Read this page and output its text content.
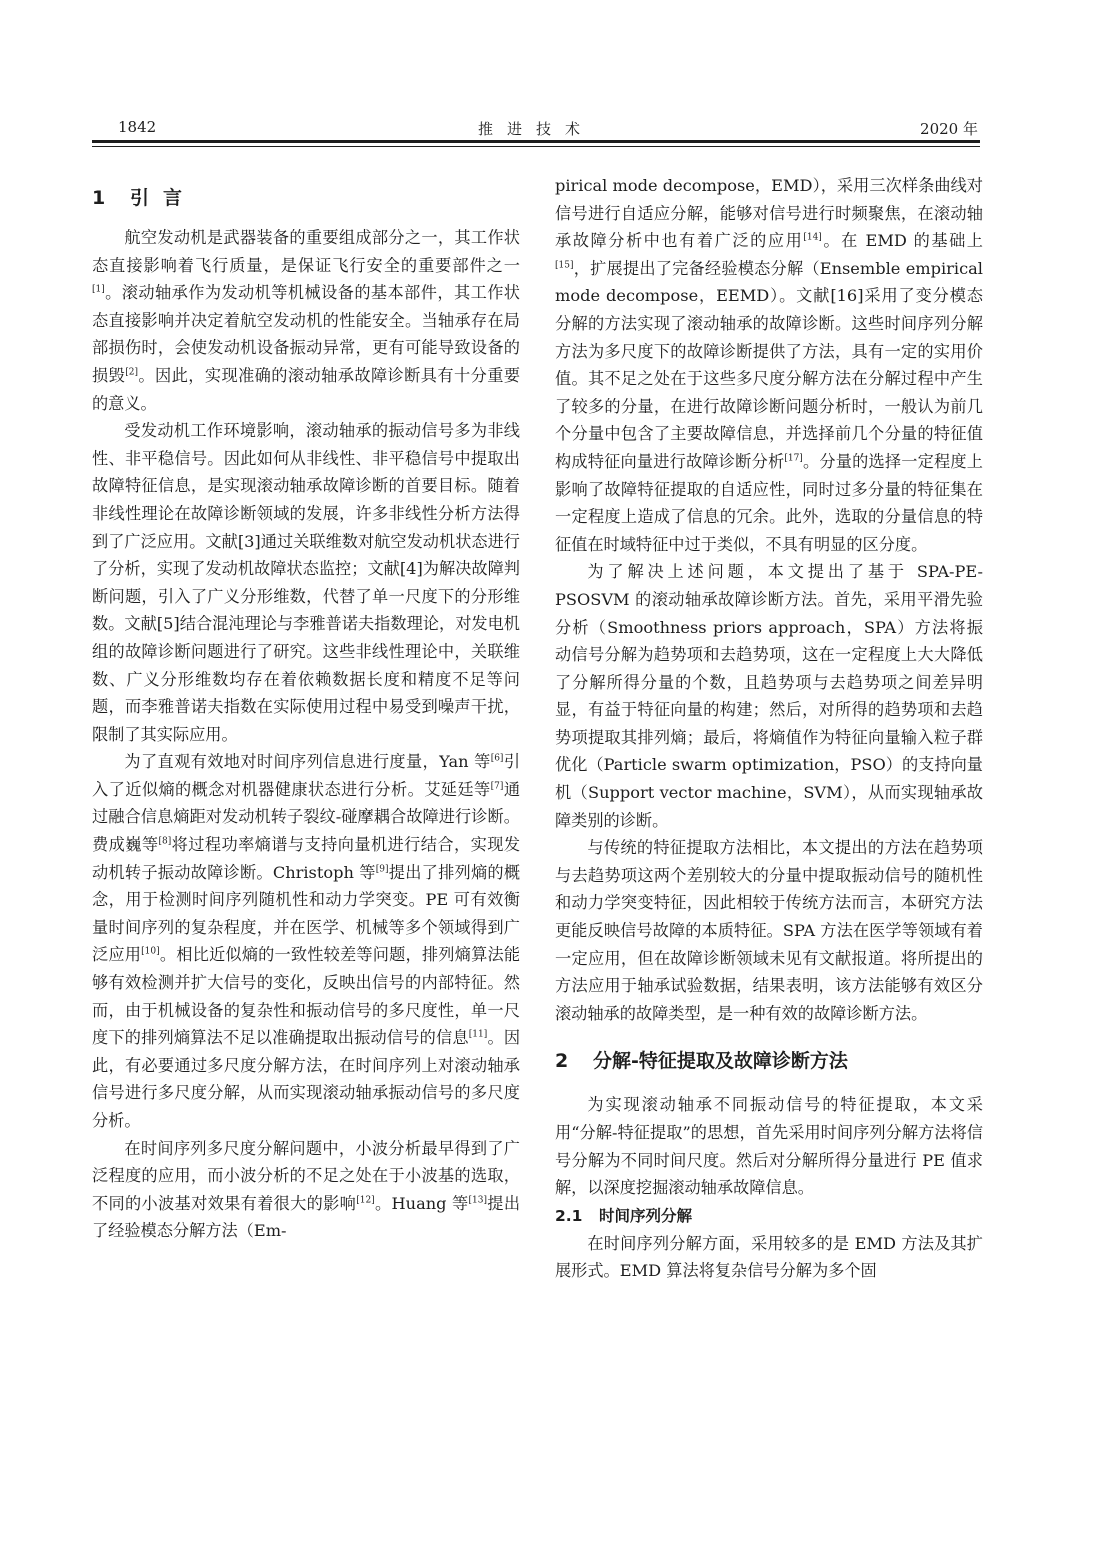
1842	推进技术	2020 年
1 引言

航空发动机是武器装备的重要组成部分之一，其工作状态直接影响着飞行质量，是保证飞行安全的重要部件之一[1]。滚动轴承作为发动机等机械设备的基本部件，其工作状态直接影响并决定着航空发动机的性能安全。当轴承存在局部损伤时，会使发动机设备振动异常，更有可能导致设备的损毁[2]。因此，实现准确的滚动轴承故障诊断具有十分重要的意义。

受发动机工作环境影响，滚动轴承的振动信号多为非线性、非平稳信号。因此如何从非线性、非平稳信号中提取出故障特征信息，是实现滚动轴承故障诊断的首要目标。随着非线性理论在故障诊断领域的发展，许多非线性分析方法得到了广泛应用。文献[3]通过关联维数对航空发动机状态进行了分析，实现了发动机故障状态监控；文献[4]为解决故障判断问题，引入了广义分形维数，代替了单一尺度下的分形维数。文献[5]结合混沌理论与李雅普诺夫指数理论，对发电机组的故障诊断问题进行了研究。这些非线性理论中，关联维数、广义分形维数均存在着依赖数据长度和精度不足等问题，而李雅普诺夫指数在实际使用过程中易受到噪声干扰，限制了其实际应用。

为了直观有效地对时间序列信息进行度量，Yan 等[6]引入了近似熵的概念对机器健康状态进行分析。艾延廷等[7]通过融合信息熵距对发动机转子裂纹-碰摩耦合故障进行诊断。费成巍等[8]将过程功率熵谱与支持向量机进行结合，实现发动机转子振动故障诊断。Christoph 等[9]提出了排列熵的概念，用于检测时间序列随机性和动力学突变。PE 可有效衡量时间序列的复杂程度，并在医学、机械等多个领域得到广泛应用[10]。相比近似熵的一致性较差等问题，排列熵算法能够有效检测并扩大信号的变化，反映出信号的内部特征。然而，由于机械设备的复杂性和振动信号的多尺度性，单一尺度下的排列熵算法不足以准确提取出振动信号的信息[11]。因此，有必要通过多尺度分解方法，在时间序列上对滚动轴承信号进行多尺度分解，从而实现滚动轴承振动信号的多尺度分析。

在时间序列多尺度分解问题中，小波分析最早得到了广泛程度的应用，而小波分析的不足之处在于小波基的选取，不同的小波基对效果有着很大的影响[12]。Huang 等[13]提出了经验模态分解方法（Em-

pirical mode decompose，EMD），采用三次样条曲线对信号进行自适应分解，能够对信号进行时频聚焦，在滚动轴承故障分析中也有着广泛的应用[14]。在 EMD 的基础上[15]，扩展提出了完备经验模态分解（Ensemble empirical mode decompose，EEMD）。文献[16]采用了变分模态分解的方法实现了滚动轴承的故障诊断。这些时间序列分解方法为多尺度下的故障诊断提供了方法，具有一定的实用价值。其不足之处在于这些多尺度分解方法在分解过程中产生了较多的分量，在进行故障诊断问题分析时，一般认为前几个分量中包含了主要故障信息，并选择前几个分量的特征值构成特征向量进行故障诊断分析[17]。分量的选择一定程度上影响了故障特征提取的自适应性，同时过多分量的特征集在一定程度上造成了信息的冗余。此外，选取的分量信息的特征值在时域特征中过于类似，不具有明显的区分度。

为了解决上述问题，本文提出了基于 SPA-PE-PSOSVM 的滚动轴承故障诊断方法。首先，采用平滑先验分析（Smoothness priors approach，SPA）方法将振动信号分解为趋势项和去趋势项，这在一定程度上大大降低了分解所得分量的个数，且趋势项与去趋势项之间差异明显，有益于特征向量的构建；然后，对所得的趋势项和去趋势项提取其排列熵；最后，将熵值作为特征向量输入粒子群优化（Particle swarm optimization，PSO）的支持向量机（Support vector machine，SVM），从而实现轴承故障类别的诊断。

与传统的特征提取方法相比，本文提出的方法在趋势项与去趋势项这两个差别较大的分量中提取振动信号的随机性和动力学突变特征，因此相较于传统方法而言，本研究方法更能反映信号故障的本质特征。SPA 方法在医学等领域有着一定应用，但在故障诊断领域未见有文献报道。将所提出的方法应用于轴承试验数据，结果表明，该方法能够有效区分滚动轴承的故障类型，是一种有效的故障诊断方法。

2 分解-特征提取及故障诊断方法

为实现滚动轴承不同振动信号的特征提取，本文采用“分解-特征提取”的思想，首先采用时间序列分解方法将信号分解为不同时间尺度。然后对分解所得分量进行 PE 值求解，以深度挖掘滚动轴承故障信息。

2.1 时间序列分解

在时间序列分解方面，采用较多的是 EMD 方法及其扩展形式。EMD 算法将复杂信号分解为多个固
